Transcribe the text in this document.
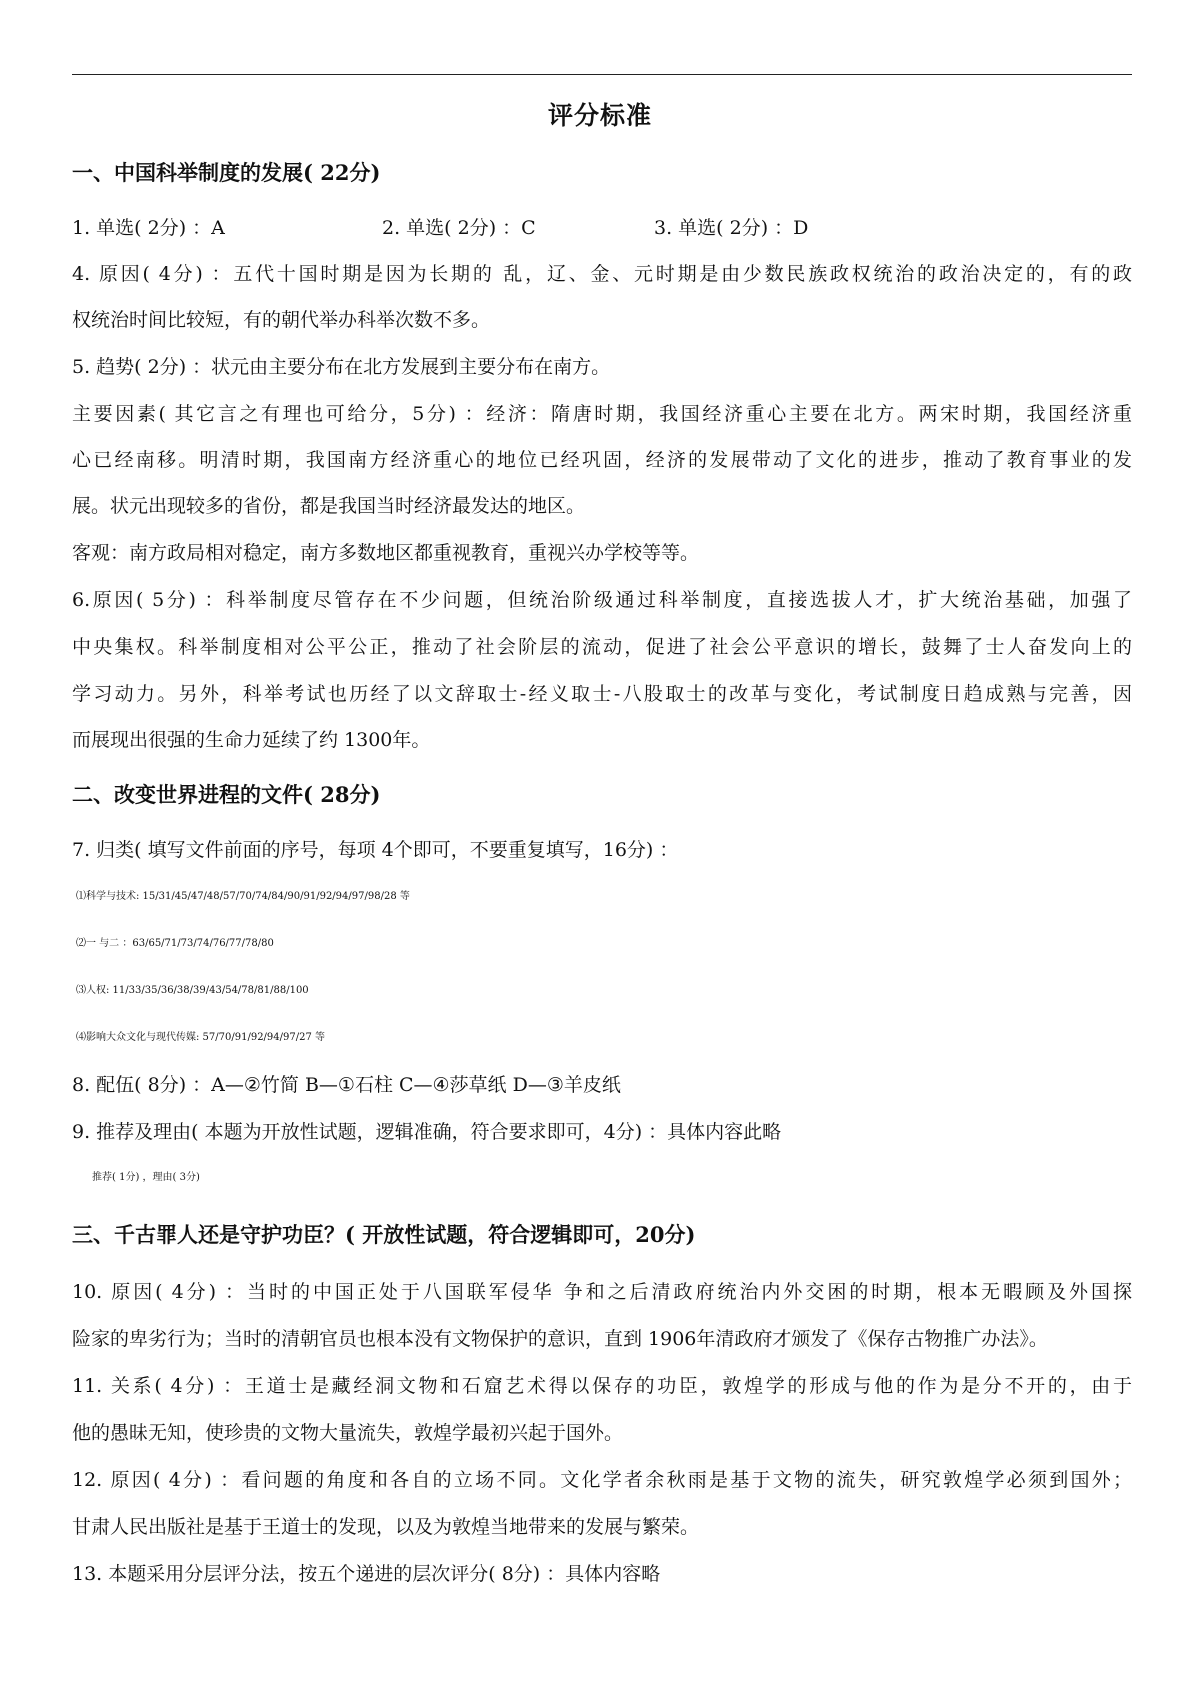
评分标准
一、中国科举制度的发展( 22分)
1. 单选( 2分) ：A	2. 单选( 2分) ：C	3. 单选( 2分) ：D
4. 原因( 4分) ：五代十国时期是因为长期的 乱，辽、金、元时期是由少数民族政权统治的政治决定的，有的政
权统治时间比较短，有的朝代举办科举次数不多。
5. 趋势( 2分) ：状元由主要分布在北方发展到主要分布在南方。
主要因素( 其它言之有理也可给分，5分) ：经济：隋唐时期，我国经济重心主要在北方。两宋时期，我国经济重
心已经南移。明清时期，我国南方经济重心的地位已经巩固，经济的发展带动了文化的进步，推动了教育事业的发
展。状元出现较多的省份，都是我国当时经济最发达的地区。
客观：南方政局相对稳定，南方多数地区都重视教育，重视兴办学校等等。
6.原因( 5分) ：科举制度尽管存在不少问题，但统治阶级通过科举制度，直接选拔人才，扩大统治基础，加强了
中央集权。科举制度相对公平公正，推动了社会阶层的流动，促进了社会公平意识的增长，鼓舞了士人奋发向上的
学习动力。另外，科举考试也历经了以文辞取士-经义取士-八股取士的改革与变化，考试制度日趋成熟与完善，因
而展现出很强的生命力延续了约 1300年。
二、改变世界进程的文件( 28分)
7. 归类( 填写文件前面的序号，每项 4个即可，不要重复填写，16分) ：
⑴科学与技术: 15/31/45/47/48/57/70/74/84/90/91/92/94/97/98/28 等
⑵一 与二 ：63/65/71/73/74/76/77/78/80
⑶人权: 11/33/35/36/38/39/43/54/78/81/88/100
⑷影响大众文化与现代传媒: 57/70/91/92/94/97/27 等
8. 配伍( 8分) ：A—②竹简 B—①石柱 C—④莎草纸 D—③羊皮纸
9. 推荐及理由( 本题为开放性试题，逻辑准确，符合要求即可，4分) ：具体内容此略
推荐( 1分) ，理由( 3分)
三、千古罪人还是守护功臣？( 开放性试题，符合逻辑即可，20分)
10. 原因( 4分) ：当时的中国正处于八国联军侵华 争和之后清政府统治内外交困的时期，根本无暇顾及外国探
险家的卑劣行为；当时的清朝官员也根本没有文物保护的意识，直到 1906年清政府才颁发了《保存古物推广办法》。
11. 关系( 4分) ：王道士是藏经洞文物和石窟艺术得以保存的功臣，敦煌学的形成与他的作为是分不开的，由于
他的愚昧无知，使珍贵的文物大量流失，敦煌学最初兴起于国外。
12. 原因( 4分) ：看问题的角度和各自的立场不同。文化学者余秋雨是基于文物的流失，研究敦煌学必须到国外；
甘肃人民出版社是基于王道士的发现，以及为敦煌当地带来的发展与繁荣。
13. 本题采用分层评分法，按五个递进的层次评分( 8分) ：具体内容略
